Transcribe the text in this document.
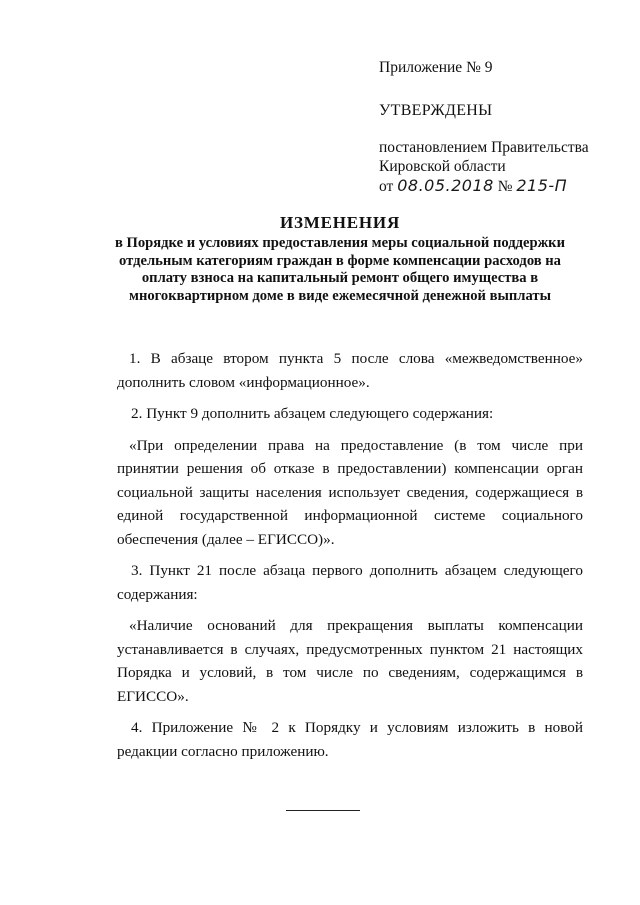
Приложение № 9

УТВЕРЖДЕНЫ

постановлением Правительства

Кировской области

от 08.05.2018 № 215-П

ИЗМЕНЕНИЯ
в Порядке и условиях предоставления меры социальной поддержки отдельным категориям граждан в форме компенсации расходов на оплату взноса на капитальный ремонт общего имущества в многоквартирном доме в виде ежемесячной денежной выплаты

1. В абзаце втором пункта 5 после слова «межведомственное» дополнить словом «информационное».

2. Пункт 9 дополнить абзацем следующего содержания:

«При определении права на предоставление (в том числе при принятии решения об отказе в предоставлении) компенсации орган социальной защиты населения использует сведения, содержащиеся в единой государственной информационной системе социального обеспечения (далее – ЕГИССО)».

3. Пункт 21 после абзаца первого дополнить абзацем следующего содержания:

«Наличие оснований для прекращения выплаты компенсации устанавливается в случаях, предусмотренных пунктом 21 настоящих Порядка и условий, в том числе по сведениям, содержащимся в ЕГИССО».

4. Приложение № 2 к Порядку и условиям изложить в новой редакции согласно приложению.
